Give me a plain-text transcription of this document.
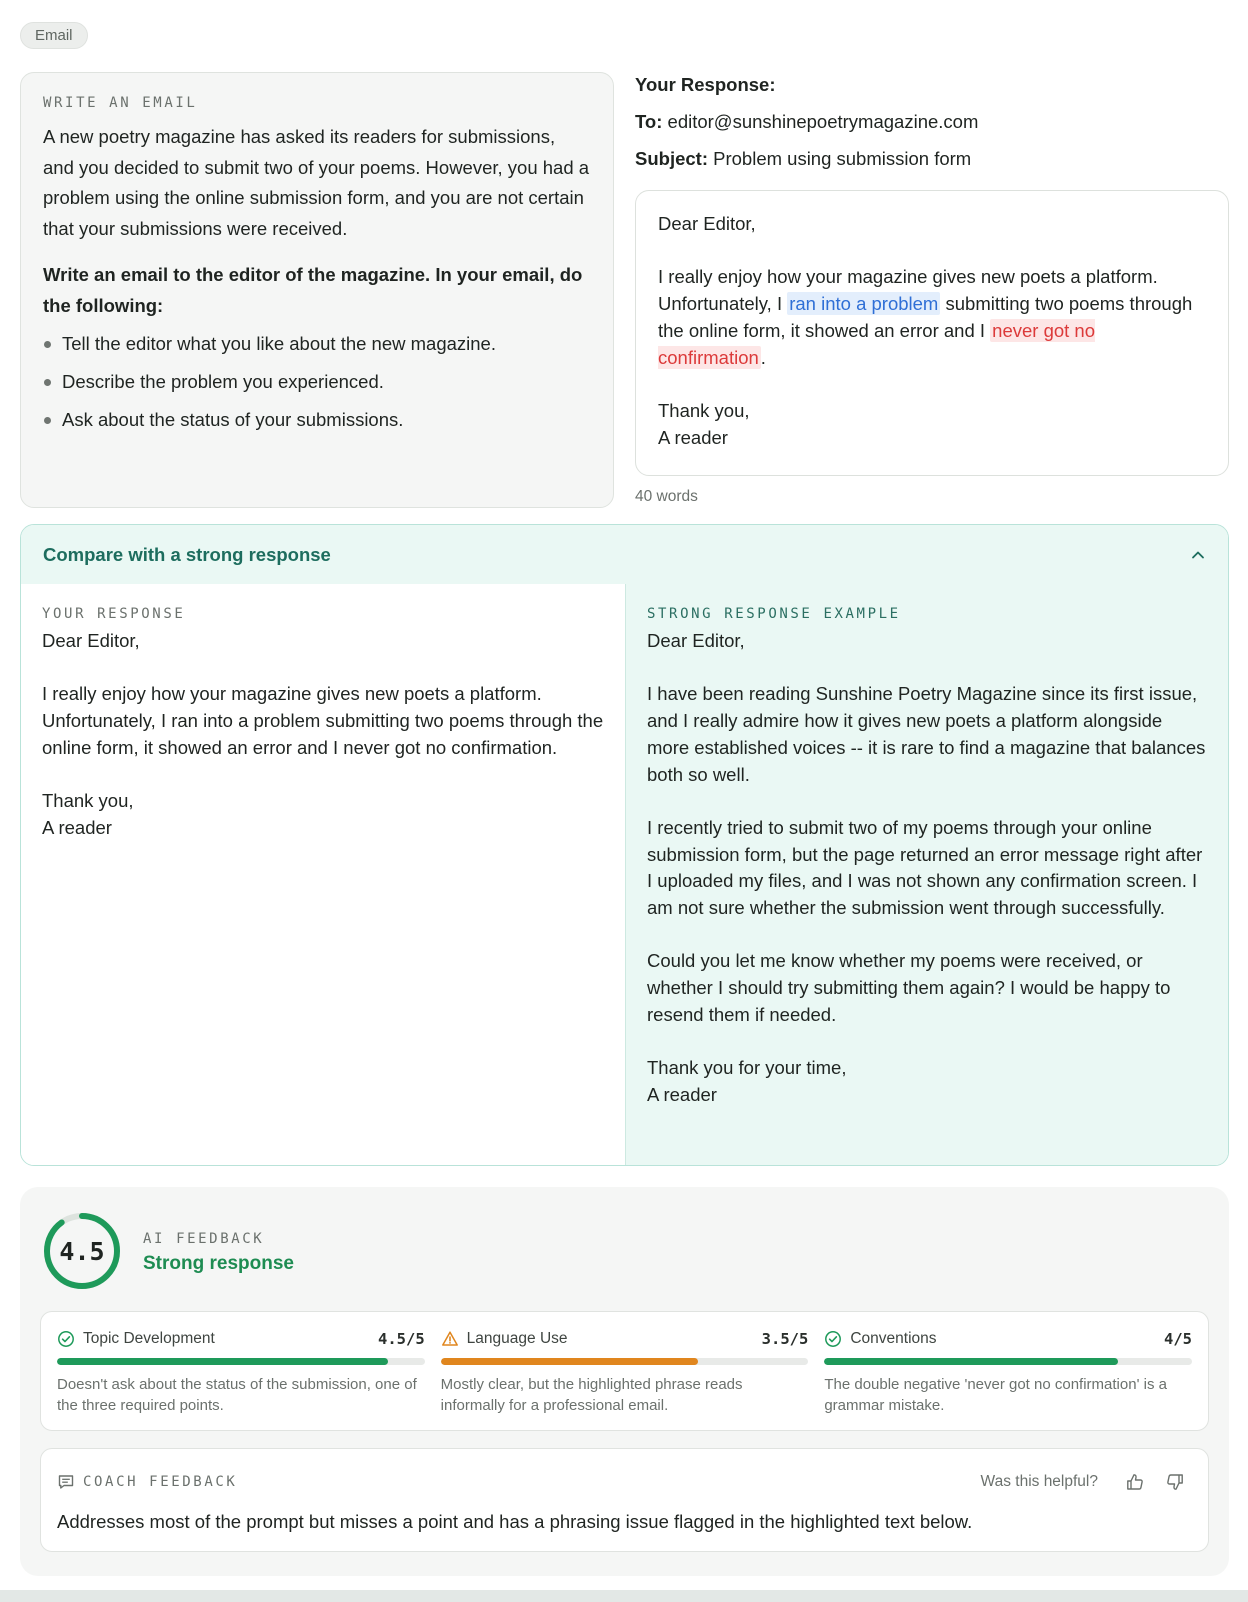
Email
WRITE AN EMAIL

A new poetry magazine has asked its readers for submissions, and you decided to submit two of your poems. However, you had a problem using the online submission form, and you are not certain that your submissions were received.

Write an email to the editor of the magazine. In your email, do the following:

Tell the editor what you like about the new magazine.
Describe the problem you experienced.
Ask about the status of your submissions.
Your Response:
To: editor@sunshinepoetrymagazine.com
Subject: Problem using submission form
Dear Editor,
I really enjoy how your magazine gives new poets a platform. Unfortunately, I ran into a problem submitting two poems through the online form, it showed an error and I never got no confirmation .
Thank you,
A reader
40 words
Compare with a strong response
YOUR RESPONSE
Dear Editor,
I really enjoy how your magazine gives new poets a platform. Unfortunately, I ran into a problem submitting two poems through the online form, it showed an error and I never got no confirmation.
Thank you,
A reader
STRONG RESPONSE EXAMPLE
Dear Editor,
I have been reading Sunshine Poetry Magazine since its first issue, and I really admire how it gives new poets a platform alongside more established voices -- it is rare to find a magazine that balances both so well.
I recently tried to submit two of my poems through your online submission form, but the page returned an error message right after I uploaded my files, and I was not shown any confirmation screen. I am not sure whether the submission went through successfully.
Could you let me know whether my poems were received, or whether I should try submitting them again? I would be happy to resend them if needed.
Thank you for your time,
A reader
4.5	AI FEEDBACK
Strong response
Topic Development	4.5/5
Doesn't ask about the status of the submission, one of the three required points.
Language Use	3.5/5
Mostly clear, but the highlighted phrase reads informally for a professional email.
Conventions	4/5
The double negative 'never got no confirmation' is a grammar mistake.
COACH FEEDBACK	Was this helpful?
Addresses most of the prompt but misses a point and has a phrasing issue flagged in the highlighted text below.
